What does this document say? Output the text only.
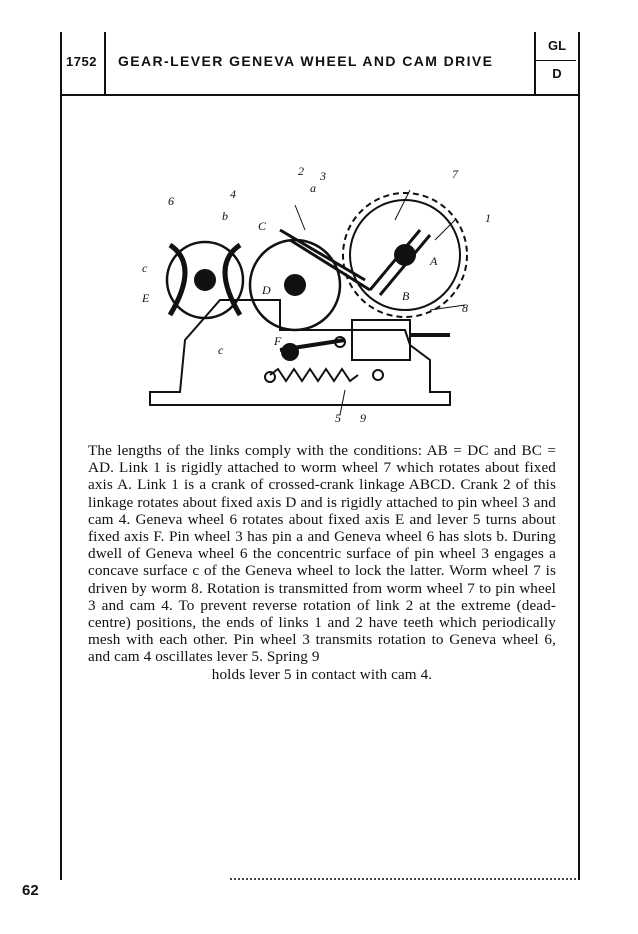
1752 GEAR-LEVER GENEVA WHEEL AND CAM DRIVE
GL
D
2 3
a
7
6	4
b
C
1
c	A
E
D	B
8
c
F
5 9
The lengths of the links comply with the conditions: AB = DC and BC = AD. Link 1 is rigidly attached to worm wheel 7 which rotates about fixed axis A. Link 1 is a crank of crossed-crank linkage ABCD. Crank 2 of this linkage rotates about fixed axis D and is rigidly attached to pin wheel 3 and cam 4. Geneva wheel 6 rotates about fixed axis E and lever 5 turns about fixed axis F. Pin wheel 3 has pin a and Geneva wheel 6 has slots b. During dwell of Geneva wheel 6 the concentric surface of pin wheel 3 engages a concave surface c of the Geneva wheel to lock the latter. Worm wheel 7 is driven by worm 8. Rotation is transmitted from worm wheel 7 to pin wheel 3 and cam 4. To prevent reverse rotation of link 2 at the extreme (dead-centre) positions, the ends of links 1 and 2 have teeth which periodically mesh with each other. Pin wheel 3 transmits rotation to Geneva wheel 6, and cam 4 oscillates lever 5. Spring 9
holds lever 5 in contact with cam 4.
62
